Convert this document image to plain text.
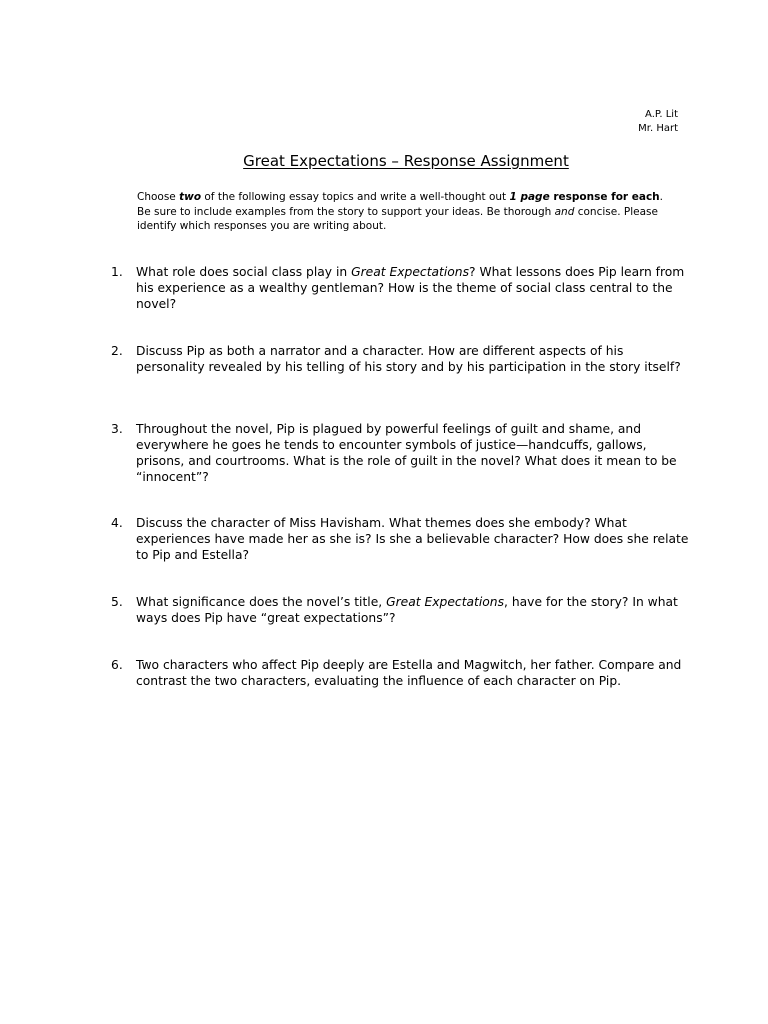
A.P. Lit
Mr. Hart
Great Expectations – Response Assignment

Choose two of the following essay topics and write a well-thought out 1 page response for each. Be sure to include examples from the story to support your ideas. Be thorough and concise. Please identify which responses you are writing about.

1.	What role does social class play in Great Expectations? What lessons does Pip learn from his experience as a wealthy gentleman? How is the theme of social class central to the novel?
2.	Discuss Pip as both a narrator and a character. How are different aspects of his personality revealed by his telling of his story and by his participation in the story itself?
3.	Throughout the novel, Pip is plagued by powerful feelings of guilt and shame, and everywhere he goes he tends to encounter symbols of justice—handcuffs, gallows, prisons, and courtrooms. What is the role of guilt in the novel? What does it mean to be “innocent”?
4.	Discuss the character of Miss Havisham. What themes does she embody? What experiences have made her as she is? Is she a believable character? How does she relate to Pip and Estella?
5.	What significance does the novel’s title, Great Expectations, have for the story? In what ways does Pip have “great expectations”?
6.	Two characters who affect Pip deeply are Estella and Magwitch, her father. Compare and contrast the two characters, evaluating the influence of each character on Pip.
